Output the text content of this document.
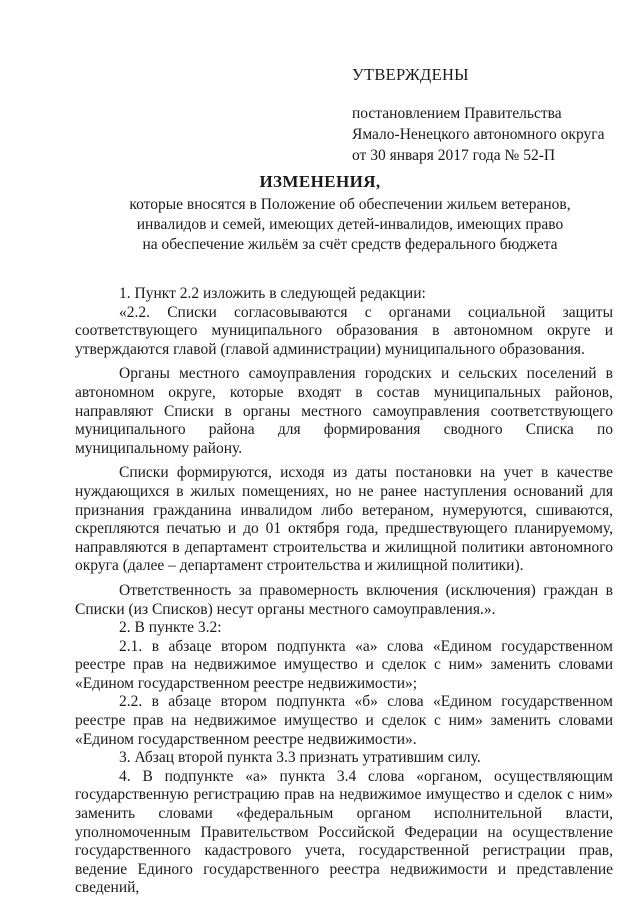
УТВЕРЖДЕНЫ
постановлением Правительства
Ямало-Ненецкого автономного округа
от 30 января 2017 года № 52-П
ИЗМЕНЕНИЯ,
которые вносятся в Положение об обеспечении жильем ветеранов,
инвалидов и семей, имеющих детей-инвалидов, имеющих право
на обеспечение жильём за счёт средств федерального бюджета

1. Пункт 2.2 изложить в следующей редакции:

«2.2. Списки согласовываются с органами социальной защиты соответствующего муниципального образования в автономном округе и утверждаются главой (главой администрации) муниципального образования.

Органы местного самоуправления городских и сельских поселений в автономном округе, которые входят в состав муниципальных районов, направляют Списки в органы местного самоуправления соответствующего муниципального района для формирования сводного Списка по муниципальному району.

Списки формируются, исходя из даты постановки на учет в качестве нуждающихся в жилых помещениях, но не ранее наступления оснований для признания гражданина инвалидом либо ветераном, нумеруются, сшиваются, скрепляются печатью и до 01 октября года, предшествующего планируемому, направляются в департамент строительства и жилищной политики автономного округа (далее – департамент строительства и жилищной политики).

Ответственность за правомерность включения (исключения) граждан в Списки (из Списков) несут органы местного самоуправления.».

2. В пункте 3.2:

2.1. в абзаце втором подпункта «а» слова «Едином государственном реестре прав на недвижимое имущество и сделок с ним» заменить словами «Едином государственном реестре недвижимости»;

2.2. в абзаце втором подпункта «б» слова «Едином государственном реестре прав на недвижимое имущество и сделок с ним» заменить словами «Едином государственном реестре недвижимости».

3. Абзац второй пункта 3.3 признать утратившим силу.

4. В подпункте «а» пункта 3.4 слова «органом, осуществляющим государственную регистрацию прав на недвижимое имущество и сделок с ним» заменить словами «федеральным органом исполнительной власти, уполномоченным Правительством Российской Федерации на осуществление государственного кадастрового учета, государственной регистрации прав, ведение Единого государственного реестра недвижимости и представление сведений,
